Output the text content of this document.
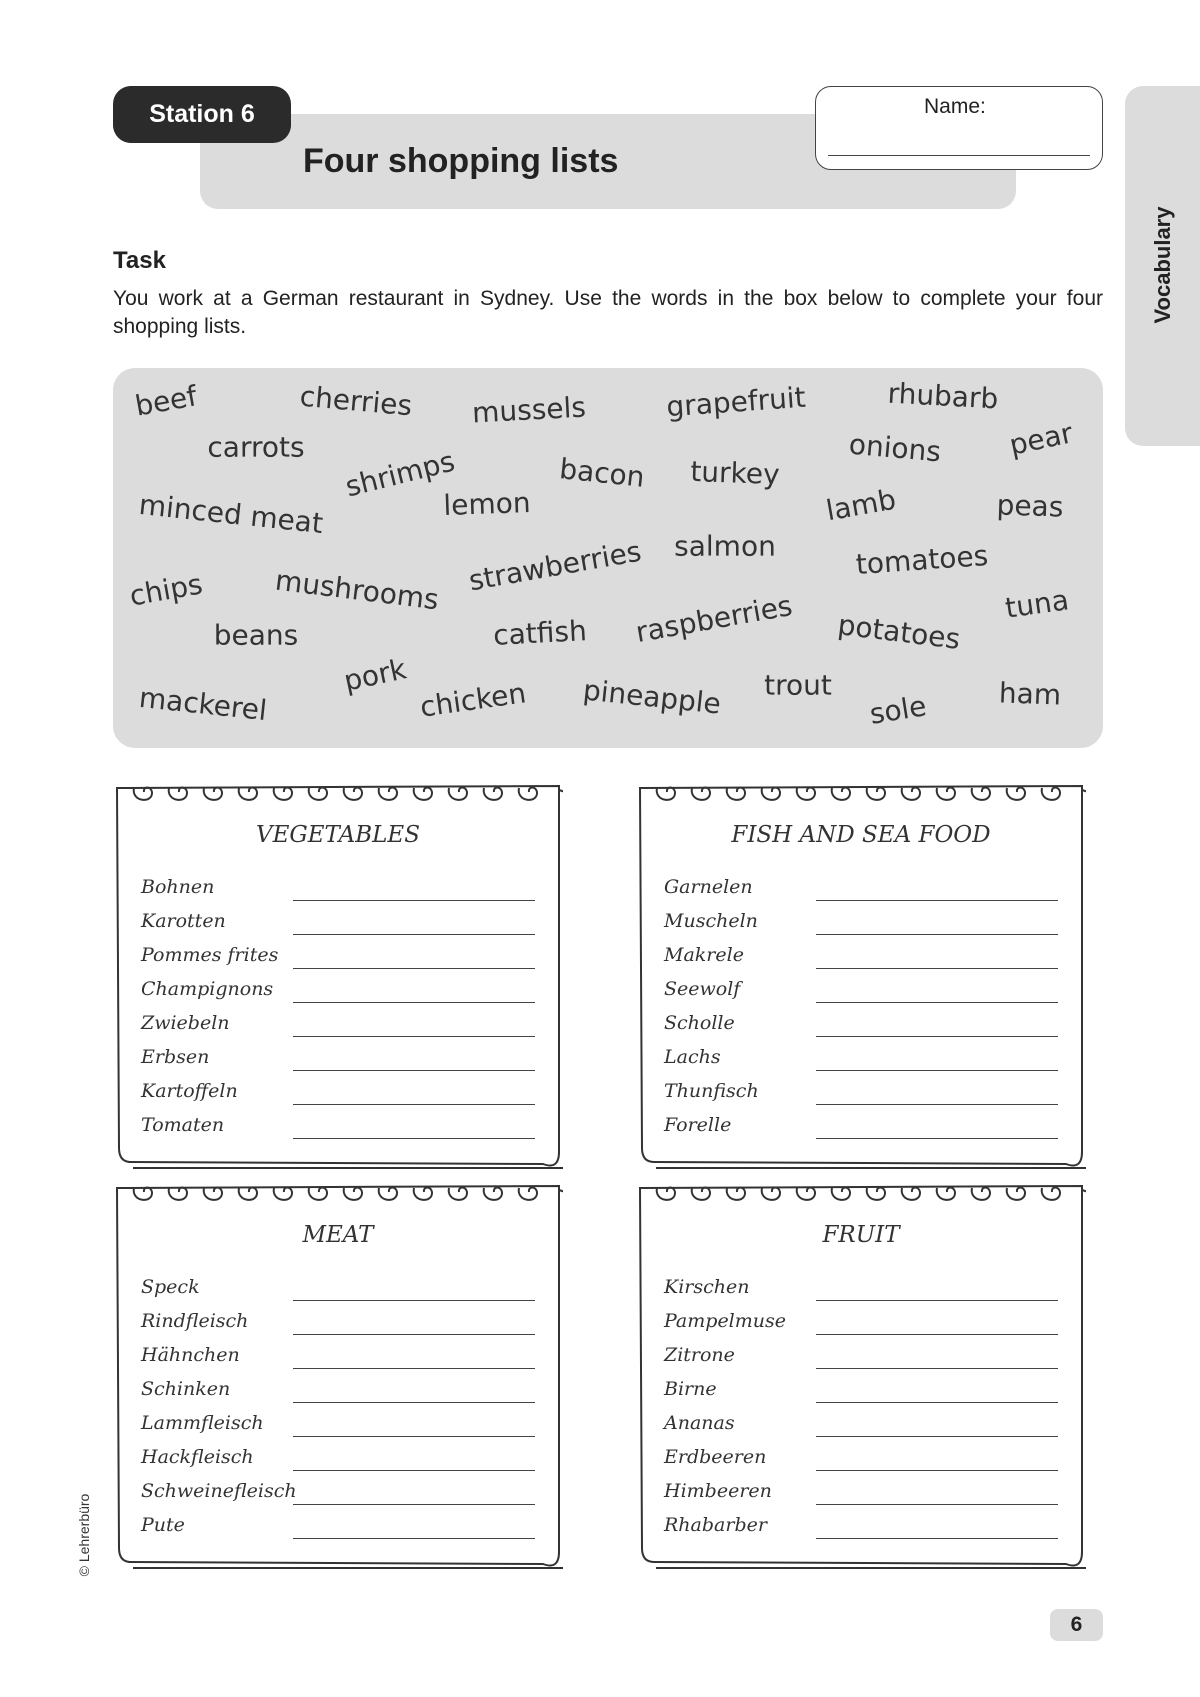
Vocabulary
Station 6
Four shopping lists
Name:
Task
You work at a German restaurant in Sydney. Use the words in the box below to complete your four shopping lists.
beef	cherries mussels	grapefruit	rhubarb
carrots shrimps	bacon turkey
onions pear
minced meat	lemon	lamb	peas
chips mushrooms strawberries salmon	tomatoes
tuna
beans	catfish raspberries potatoes
mackerel
pork
chicken pineapple trout
sole ham
VEGETABLES
Bohnen
Karotten
Pommes frites
Champignons
Zwiebeln
Erbsen
Kartoffeln
Tomaten
FISH AND SEA FOOD
Garnelen
Muscheln
Makrele
Seewolf
Scholle
Lachs
Thunfisch
Forelle
MEAT
Speck
Rindfleisch
Hähnchen
Schinken
Lammfleisch
Hackfleisch
Schweinefleisch
Pute
FRUIT
Kirschen
Pampelmuse
Zitrone
Birne
Ananas
Erdbeeren
Himbeeren
Rhabarber
© Lehrerbüro
6
